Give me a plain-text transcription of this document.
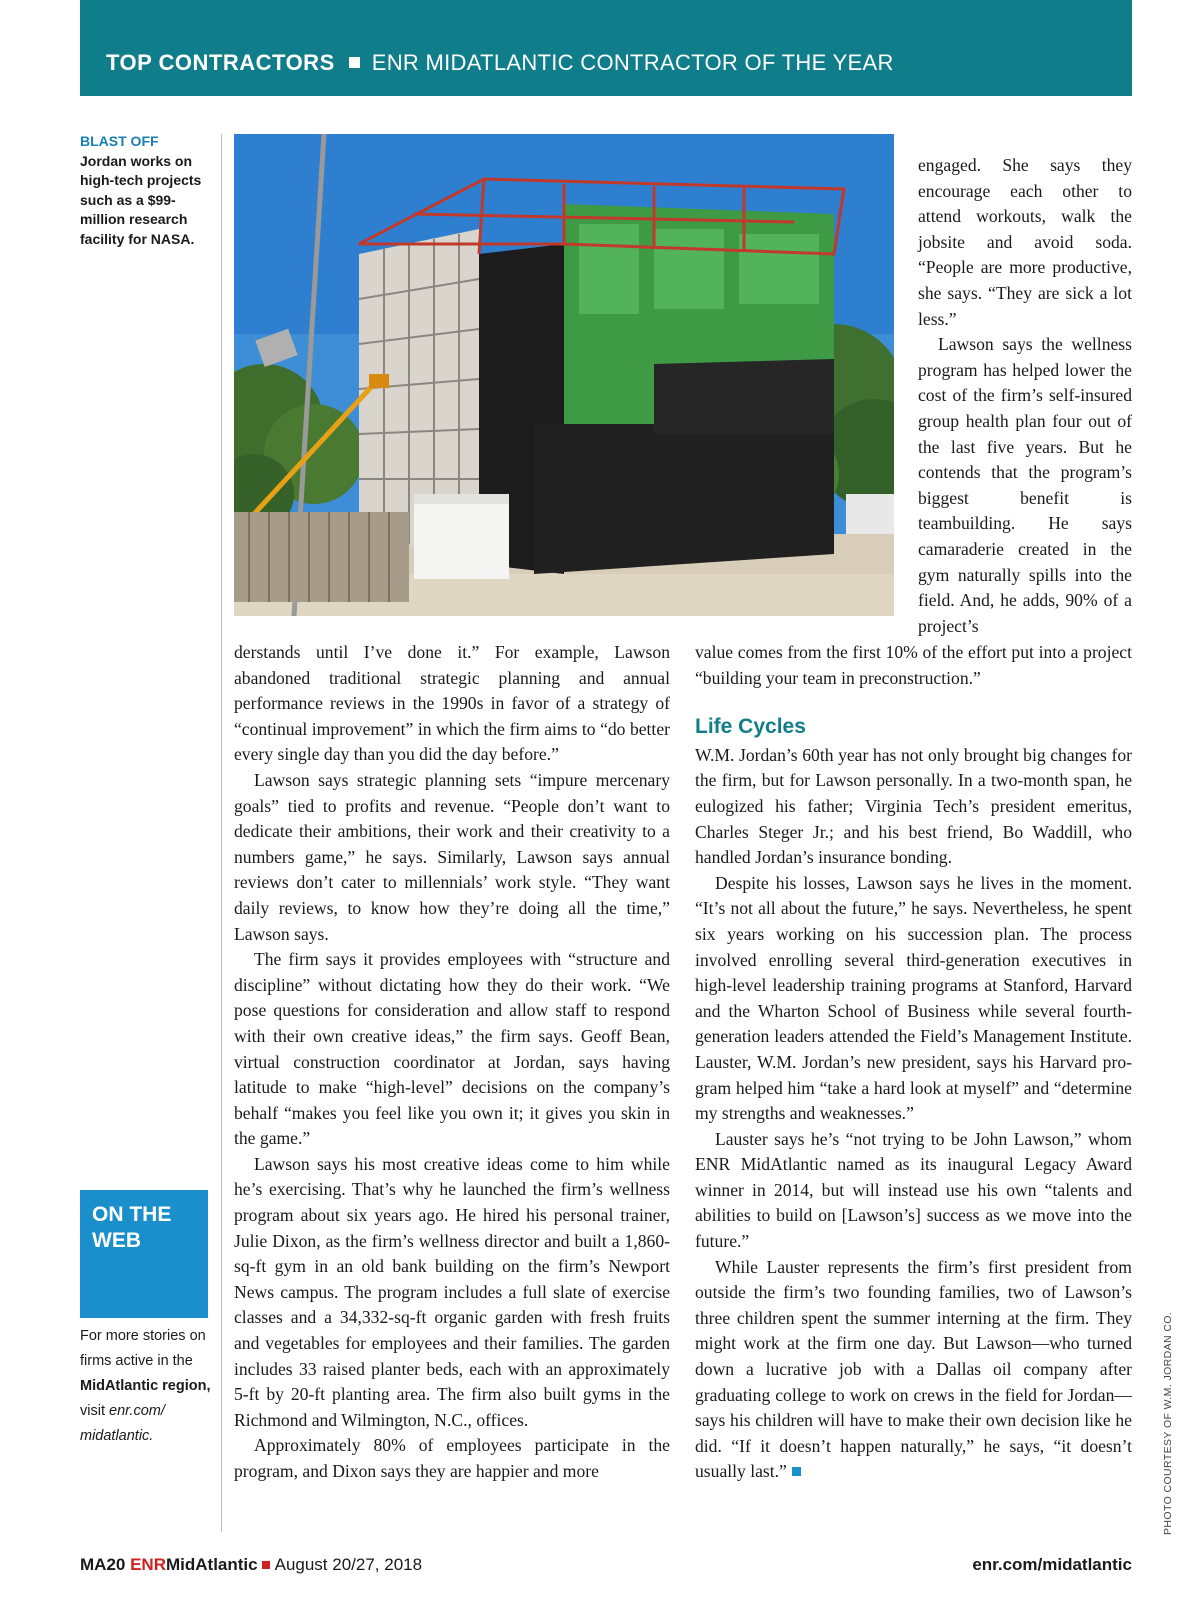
TOP CONTRACTORS ENR MIDATLANTIC CONTRACTOR OF THE YEAR
BLAST OFF
Jordan works on high-tech projects such as a $99-million research facility for NASA.

engaged. She says they encourage each other to attend workouts, walk the jobsite and avoid soda. “People are more productive, she says. “They are sick a lot less.”

Lawson says the wellness program has helped lower the cost of the firm’s self-insured group health plan four out of the last five years. But he contends that the program’s biggest benefit is teambuilding. He says camaraderie created in the gym naturally spills into the field. And, he adds, 90% of a project’s

derstands until I’ve done it.” For example, Lawson abandoned traditional strategic planning and annual performance reviews in the 1990s in favor of a strategy of “continual improvement” in which the firm aims to “do better every single day than you did the day before.”

Lawson says strategic planning sets “impure mercenary goals” tied to profits and revenue. “People don’t want to dedicate their ambitions, their work and their creativity to a numbers game,” he says. Similarly, Lawson says annual reviews don’t cater to millennials’ work style. “They want daily reviews, to know how they’re doing all the time,” Lawson says.

The firm says it provides employees with “structure and discipline” without dictating how they do their work. “We pose questions for consideration and allow staff to respond with their own creative ideas,” the firm says. Geoff Bean, virtual construction coordinator at Jordan, says having latitude to make “high-level” decisions on the company’s behalf “makes you feel like you own it; it gives you skin in the game.”

Lawson says his most creative ideas come to him while he’s exercising. That’s why he launched the firm’s wellness program about six years ago. He hired his personal trainer, Julie Dixon, as the firm’s wellness director and built a 1,860-sq-ft gym in an old bank building on the firm’s Newport News campus. The program includes a full slate of exercise classes and a 34,332-sq-ft organic garden with fresh fruits and vegetables for employees and their families. The garden includes 33 raised planter beds, each with an approximately 5-ft by 20-ft planting area. The firm also built gyms in the Richmond and Wilmington, N.C., offices.

Approximately 80% of employees participate in the program, and Dixon says they are happier and more

value comes from the first 10% of the effort put into a project “building your team in preconstruction.”

Life Cycles

W.M. Jordan’s 60th year has not only brought big changes for the firm, but for Lawson personally. In a two-month span, he eulogized his father; Virginia Tech’s president emeritus, Charles Steger Jr.; and his best friend, Bo Waddill, who handled Jordan’s insurance bonding.

Despite his losses, Lawson says he lives in the moment. “It’s not all about the future,” he says. Nevertheless, he spent six years working on his succession plan. The process involved enrolling several third-generation executives in high-level leadership training programs at Stanford, Harvard and the Wharton School of Business while several fourth-generation leaders attended the Field’s Management Institute. Lauster, W.M. Jordan’s new president, says his Harvard program helped him “take a hard look at myself” and “determine my strengths and weaknesses.”

Lauster says he’s “not trying to be John Lawson,” whom ENR MidAtlantic named as its inaugural Legacy Award winner in 2014, but will instead use his own “talents and abilities to build on [Lawson’s] success as we move into the future.”

While Lauster represents the firm’s first president from outside the firm’s two founding families, two of Lawson’s three children spent the summer interning at the firm. They might work at the firm one day. But Lawson—who turned down a lucrative job with a Dallas oil company after graduating college to work on crews in the field for Jordan—says his children will have to make their own decision like he did. “If it doesn’t happen naturally,” he says, “it doesn’t usually last.”

ON THE
WEB
For more stories on firms active in the MidAtlantic region, visit enr.com/ midatlantic.	PHOTO COURTESY OF W.M. JORDAN CO.
MA20 ENRMidAtlantic August 20/27, 2018	enr.com/midatlantic
